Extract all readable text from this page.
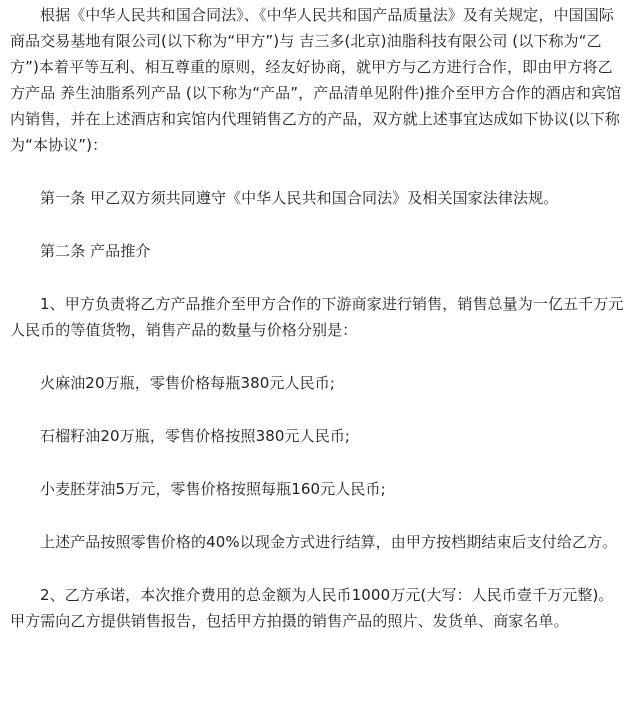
根据《中华人民共和国合同法》、《中华人民共和国产品质量法》及有关规定，中国国际商品交易基地有限公司(以下称为“甲方”)与 吉三多(北京)油脂科技有限公司 (以下称为“乙方”)本着平等互利、相互尊重的原则，经友好协商，就甲方与乙方进行合作，即由甲方将乙方产品 养生油脂系列产品 (以下称为“产品”，产品清单见附件)推介至甲方合作的酒店和宾馆内销售，并在上述酒店和宾馆内代理销售乙方的产品，双方就上述事宜达成如下协议(以下称为“本协议”)：

第一条 甲乙双方须共同遵守《中华人民共和国合同法》及相关国家法律法规。

第二条 产品推介

1、甲方负责将乙方产品推介至甲方合作的下游商家进行销售，销售总量为一亿五千万元人民币的等值货物，销售产品的数量与价格分别是：

火麻油20万瓶，零售价格每瓶380元人民币;

石榴籽油20万瓶，零售价格按照380元人民币;

小麦胚芽油5万元，零售价格按照每瓶160元人民币;

上述产品按照零售价格的40%以现金方式进行结算，由甲方按档期结束后支付给乙方。

2、乙方承诺，本次推介费用的总金额为人民币1000万元(大写：人民币壹千万元整)。甲方需向乙方提供销售报告，包括甲方拍摄的销售产品的照片、发货单、商家名单。
